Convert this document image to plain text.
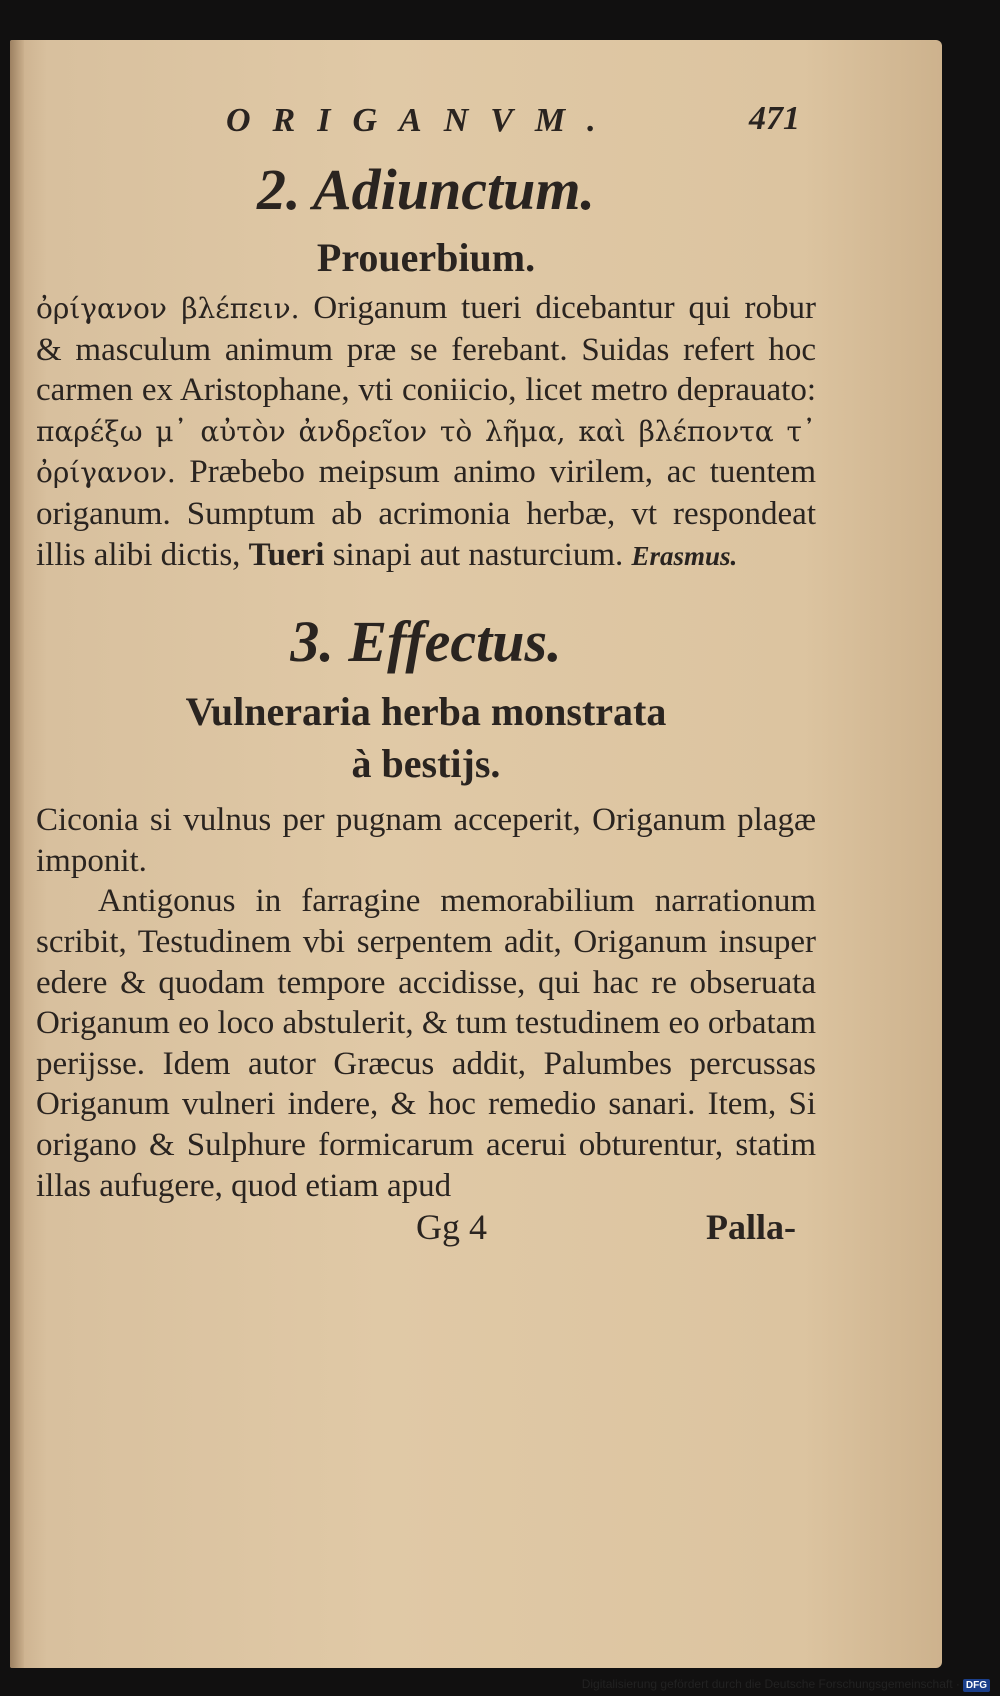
ORIGANVM.	471
2. Adiunctum.
Prouerbium.

ὀρίγανον βλέπειν. Origanum tueri dicebantur qui robur & masculum animum præ se ferebant. Suidas refert hoc carmen ex Aristophane, vti coniicio, licet metro deprauato: παρέξω μ᾽ αὐτὸν ἀνδρεῖον τὸ λῆμα, καὶ βλέποντα τ᾽ ὀρίγανον. Præbebo meipsum animo virilem, ac tuentem origanum. Sumptum ab acrimonia herbæ, vt respondeat illis alibi dictis, Tueri sinapi aut nasturcium. Erasmus.

3. Effectus.
Vulneraria herba monstrata
à bestijs.

Ciconia si vulnus per pugnam acceperit, Origanum plagæ imponit.

Antigonus in farragine memorabilium narrationum scribit, Testudinem vbi serpentem adit, Origanum insuper edere & quodam tempore accidisse, qui hac re obseruata Origanum eo loco abstulerit, & tum testudinem eo orbatam perijsse. Idem autor Græcus addit, Palumbes percussas Origanum vulneri indere, & hoc remedio sanari. Item, Si origano & Sulphure formicarum acerui obturentur, statim illas aufugere, quod etiam apud

Gg 4	Palla-
Digitalisierung gefördert durch die Deutsche Forschungsgemeinschaft · DFG
